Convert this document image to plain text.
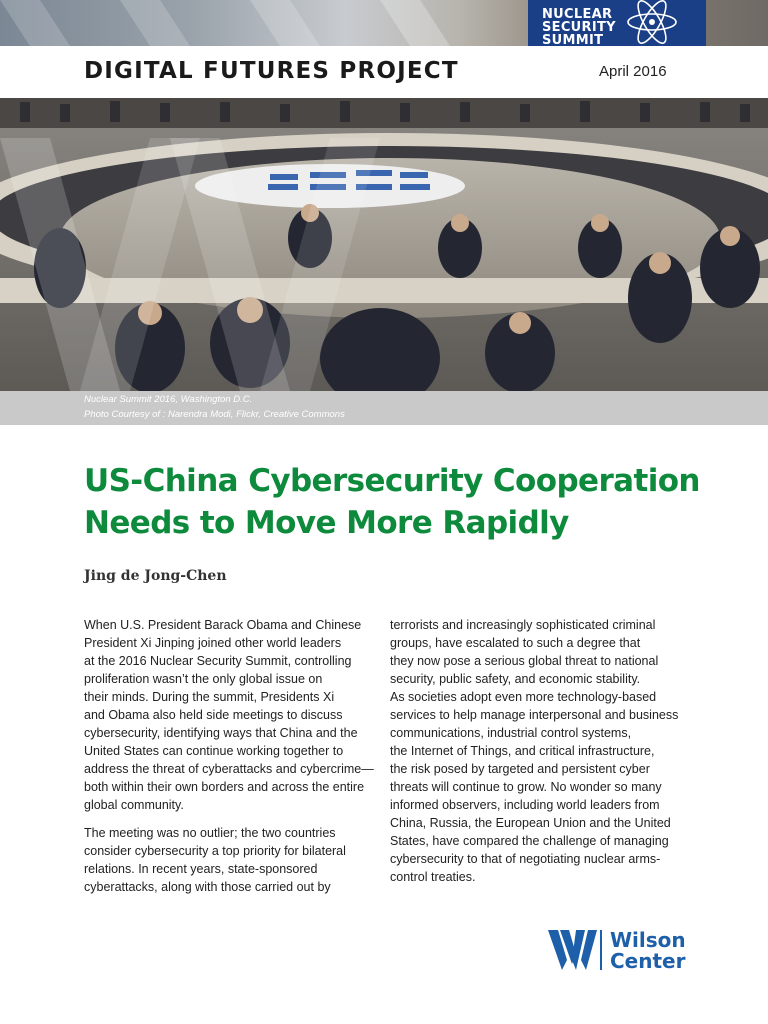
NUCLEAR
SECURITY
SUMMIT
DIGITAL FUTURES PROJECT	April 2016
Nuclear Summit 2016, Washington D.C.
Photo Courtesy of : Narendra Modi, Flickr, Creative Commons
US-China Cybersecurity Cooperation
Needs to Move More Rapidly
Jing de Jong-Chen
When U.S. President Barack Obama and Chinese
President Xi Jinping joined other world leaders
at the 2016 Nuclear Security Summit, controlling
proliferation wasn’t the only global issue on
their minds. During the summit, Presidents Xi
and Obama also held side meetings to discuss
cybersecurity, identifying ways that China and the
United States can continue working together to
address the threat of cyberattacks and cybercrime—
both within their own borders and across the entire
global community.
The meeting was no outlier; the two countries
consider cybersecurity a top priority for bilateral
relations. In recent years, state-sponsored
cyberattacks, along with those carried out by
terrorists and increasingly sophisticated criminal
groups, have escalated to such a degree that
they now pose a serious global threat to national
security, public safety, and economic stability.
As societies adopt even more technology-based
services to help manage interpersonal and business
communications, industrial control systems,
the Internet of Things, and critical infrastructure,
the risk posed by targeted and persistent cyber
threats will continue to grow. No wonder so many
informed observers, including world leaders from
China, Russia, the European Union and the United
States, have compared the challenge of managing
cybersecurity to that of negotiating nuclear arms-
control treaties.
Wilson
Center
